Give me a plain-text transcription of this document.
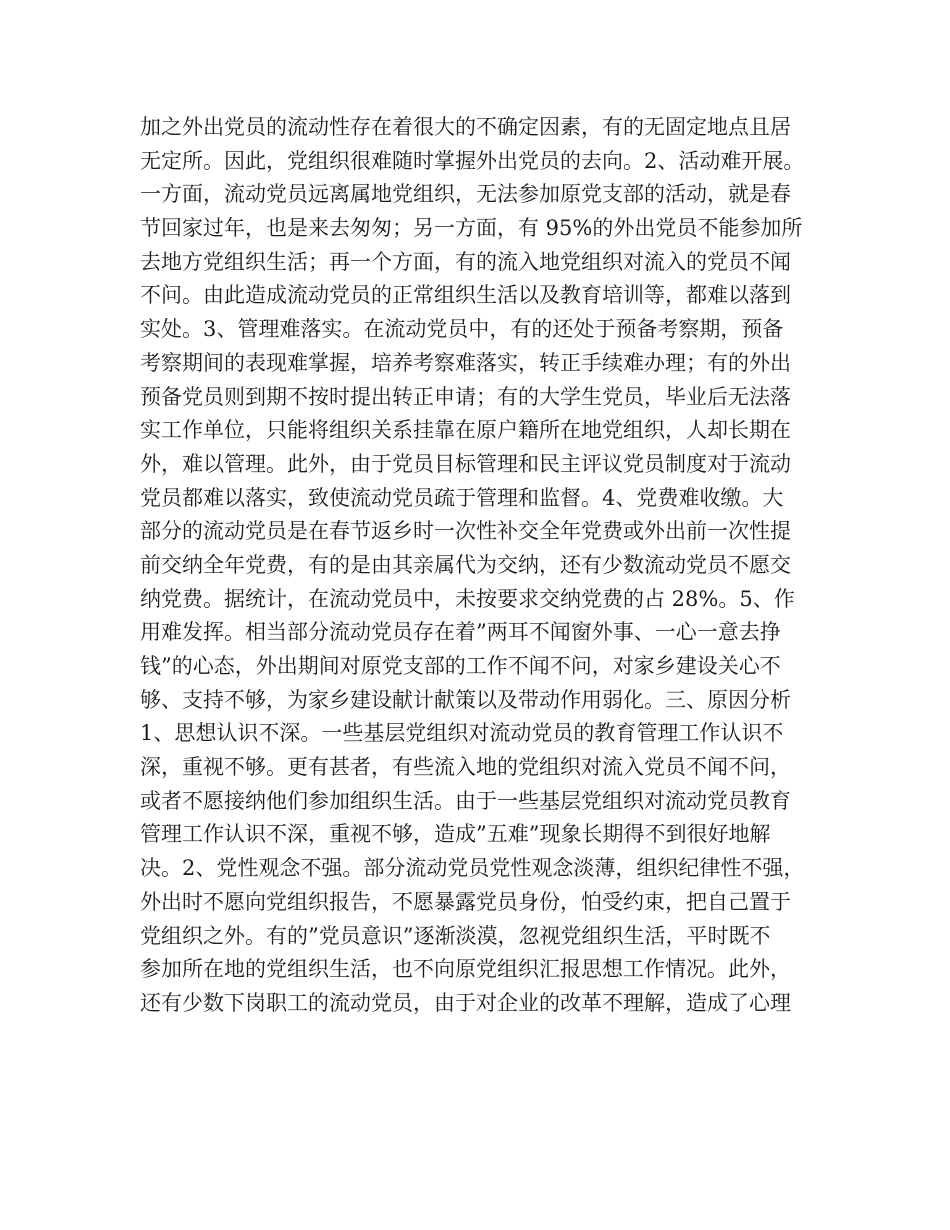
加之外出党员的流动性存在着很大的不确定因素，有的无固定地点且居
无定所。因此，党组织很难随时掌握外出党员的去向。2、活动难开展。
一方面，流动党员远离属地党组织，无法参加原党支部的活动，就是春
节回家过年，也是来去匆匆；另一方面，有 95%的外出党员不能参加所
去地方党组织生活；再一个方面，有的流入地党组织对流入的党员不闻
不问。由此造成流动党员的正常组织生活以及教育培训等，都难以落到
实处。3、管理难落实。在流动党员中，有的还处于预备考察期，预备
考察期间的表现难掌握，培养考察难落实，转正手续难办理；有的外出
预备党员则到期不按时提出转正申请；有的大学生党员，毕业后无法落
实工作单位，只能将组织关系挂靠在原户籍所在地党组织，人却长期在
外，难以管理。此外，由于党员目标管理和民主评议党员制度对于流动
党员都难以落实，致使流动党员疏于管理和监督。4、党费难收缴。大
部分的流动党员是在春节返乡时一次性补交全年党费或外出前一次性提
前交纳全年党费，有的是由其亲属代为交纳，还有少数流动党员不愿交
纳党费。据统计，在流动党员中，未按要求交纳党费的占 28%。5、作
用难发挥。相当部分流动党员存在着”两耳不闻窗外事、一心一意去挣
钱”的心态，外出期间对原党支部的工作不闻不问，对家乡建设关心不
够、支持不够，为家乡建设献计献策以及带动作用弱化。三、原因分析
1、思想认识不深。一些基层党组织对流动党员的教育管理工作认识不
深，重视不够。更有甚者，有些流入地的党组织对流入党员不闻不问，
或者不愿接纳他们参加组织生活。由于一些基层党组织对流动党员教育
管理工作认识不深，重视不够，造成”五难”现象长期得不到很好地解
决。2、党性观念不强。部分流动党员党性观念淡薄，组织纪律性不强，
外出时不愿向党组织报告，不愿暴露党员身份，怕受约束，把自己置于
党组织之外。有的”党员意识”逐渐淡漠，忽视党组织生活，平时既不
参加所在地的党组织生活，也不向原党组织汇报思想工作情况。此外，
还有少数下岗职工的流动党员，由于对企业的改革不理解，造成了心理
